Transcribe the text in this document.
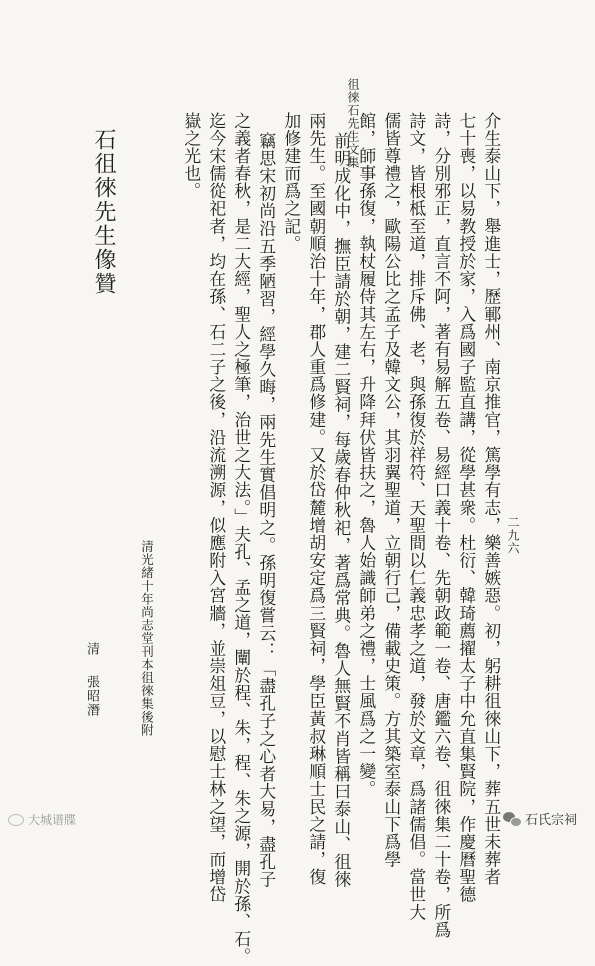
徂徠石先生文集
二九六
介生泰山下，舉進士，歷鄆州、南京推官，篤學有志，樂善嫉惡。初，躬耕徂徠山下，葬五世未葬者
七十喪，以易教授於家，入爲國子監直講，從學甚衆。杜衍、韓琦薦擢太子中允直集賢院，作慶曆聖德
詩，分別邪正，直言不阿，著有易解五卷、易經口義十卷、先朝政範一卷、唐鑑六卷、徂徠集二十卷，所爲
詩文，皆根柢至道，排斥佛、老，與孫復於祥符、天聖間以仁義忠孝之道，發於文章，爲諸儒倡。當世大
儒皆尊禮之，歐陽公比之孟子及韓文公，其羽翼聖道，立朝行己，備載史策。方其築室泰山下爲學
館，師事孫復，執杖履侍其左右，升降拜伏皆扶之，魯人始識師弟之禮，士風爲之一變。
前明成化中，撫臣請於朝，建二賢祠，每歲春仲秋祀，著爲常典。魯人無賢不肖皆稱曰泰山、徂徠
兩先生。至國朝順治十年，郡人重爲修建。又於岱麓增胡安定爲三賢祠，學臣黃叔琳順士民之請，復
加修建而爲之記。
竊思宋初尚沿五季陋習，經學久晦，兩先生實倡明之。孫明復嘗云：「盡孔子之心者大易，盡孔子
之義者春秋，是二大經，聖人之極筆，治世之大法。」夫孔、孟之道，闡於程、朱，程、朱之源，開於孫、石。
迄今宋儒從祀者，均在孫、石二子之後，沿流溯源，似應附入宮牆，並崇俎豆，以慰士林之望，而增岱
嶽之光也。
石徂徠先生像贊
清光緒十年尚志堂刊本徂徠集後附
清
張昭潛
大城谱牒	石氏宗祠
